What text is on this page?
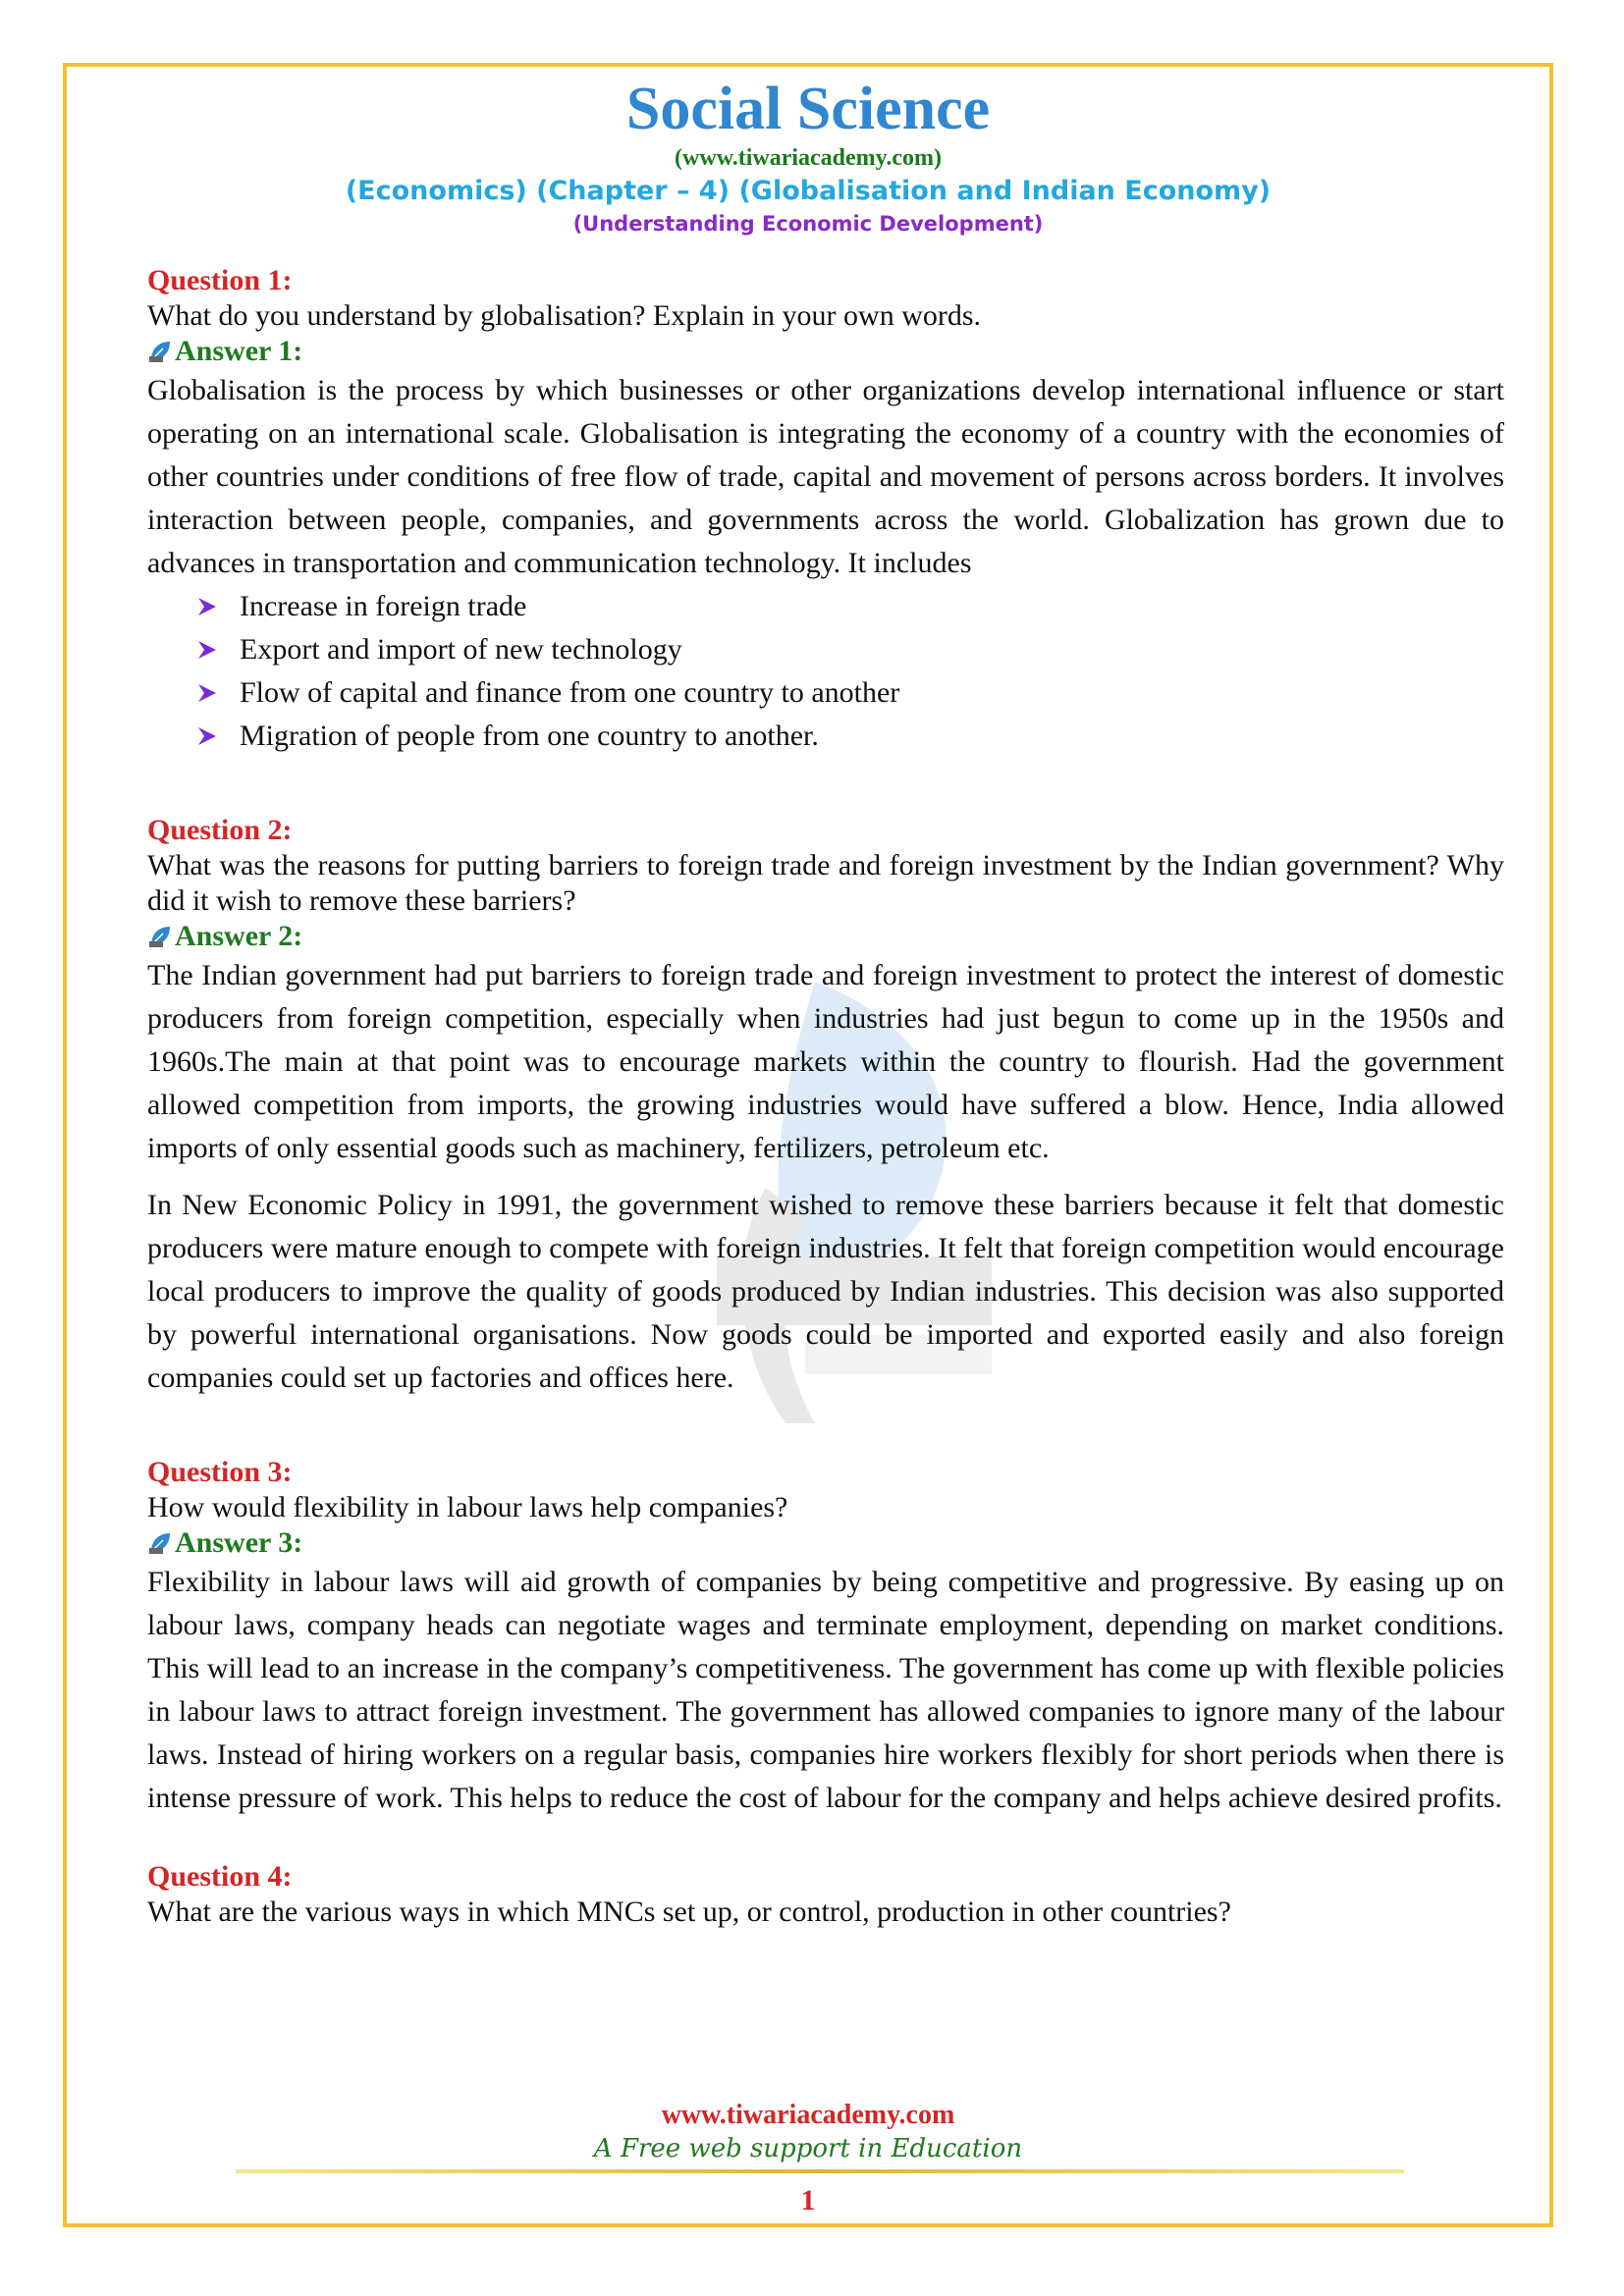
Social Science
(www.tiwariacademy.com)
(Economics) (Chapter – 4) (Globalisation and Indian Economy)
(Understanding Economic Development)
Question 1:
What do you understand by globalisation? Explain in your own words.
Answer 1:

Globalisation is the process by which businesses or other organizations develop international influence or start operating on an international scale. Globalisation is integrating the economy of a country with the economies of other countries under conditions of free flow of trade, capital and movement of persons across borders. It involves interaction between people, companies, and governments across the world. Globalization has grown due to advances in transportation and communication technology. It includes

Increase in foreign trade
Export and import of new technology
Flow of capital and finance from one country to another
Migration of people from one country to another.
Question 2:
What was the reasons for putting barriers to foreign trade and foreign investment by the Indian government? Why did it wish to remove these barriers?
Answer 2:

The Indian government had put barriers to foreign trade and foreign investment to protect the interest of domestic producers from foreign competition, especially when industries had just begun to come up in the 1950s and 1960s.The main at that point was to encourage markets within the country to flourish. Had the government allowed competition from imports, the growing industries would have suffered a blow. Hence, India allowed imports of only essential goods such as machinery, fertilizers, petroleum etc.

In New Economic Policy in 1991, the government wished to remove these barriers because it felt that domestic producers were mature enough to compete with foreign industries. It felt that foreign competition would encourage local producers to improve the quality of goods produced by Indian industries. This decision was also supported by powerful international organisations. Now goods could be imported and exported easily and also foreign companies could set up factories and offices here.

Question 3:
How would flexibility in labour laws help companies?
Answer 3:

Flexibility in labour laws will aid growth of companies by being competitive and progressive. By easing up on labour laws, company heads can negotiate wages and terminate employment, depending on market conditions. This will lead to an increase in the company’s competitiveness. The government has come up with flexible policies in labour laws to attract foreign investment. The government has allowed companies to ignore many of the labour laws. Instead of hiring workers on a regular basis, companies hire workers flexibly for short periods when there is intense pressure of work. This helps to reduce the cost of labour for the company and helps achieve desired profits.

Question 4:
What are the various ways in which MNCs set up, or control, production in other countries?
www.tiwariacademy.com
A Free web support in Education
1
